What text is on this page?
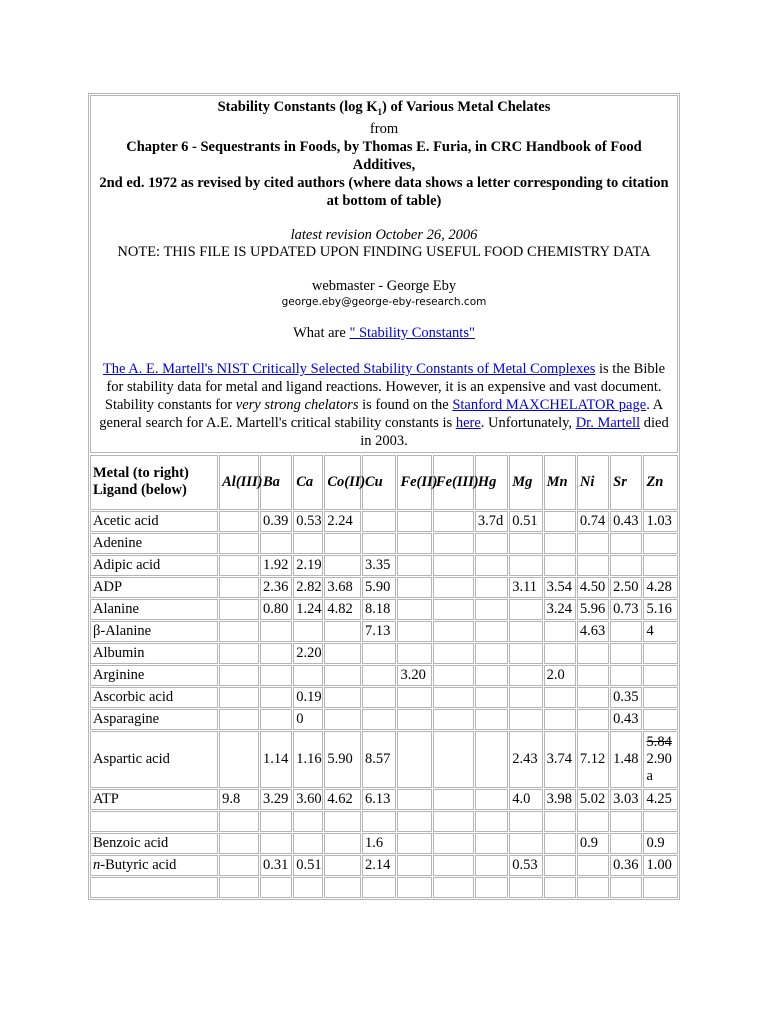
Stability Constants (log $K_1$) of Various Metal Chelates
from
Chapter 6 - Sequestrants in Foods, by Thomas E. Furia, in CRC Handbook of Food Additives,
2nd ed. 1972 as revised by cited authors (where data shows a letter corresponding to citation at bottom of table)
latest revision October 26, 2006
NOTE: THIS FILE IS UPDATED UPON FINDING USEFUL FOOD CHEMISTRY DATA
webmaster - George Eby
george.eby@george-eby-research.com
What are " Stability Constants"
The A. E. Martell's NIST Critically Selected Stability Constants of Metal Complexes is the Bible for stability data for metal and ligand reactions. However, it is an expensive and vast document. Stability constants for very strong chelators is found on the Stanford MAXCHELATOR page. A general search for A.E. Martell's critical stability constants is here. Unfortunately, Dr. Martell died in 2003.
Metal (to right) Ligand (below)	Al(III)	Ba	Ca	Co(II)	Cu	Fe(II)	Fe(III)	Hg	Mg	Mn	Ni	Sr	Zn
Acetic acid		0.39	0.53	2.24				3.7d	0.51		0.74	0.43	1.03
Adenine													
Adipic acid		1.92	2.19		3.35								
ADP		2.36	2.82	3.68	5.90				3.11	3.54	4.50	2.50	4.28
Alanine		0.80	1.24	4.82	8.18					3.24	5.96	0.73	5.16
β-Alanine					7.13						4.63		4
Albumin			2.20										
Arginine						3.20				2.0			
Ascorbic acid			0.19									0.35	
Asparagine			0									0.43	
Aspartic acid		1.14	1.16	5.90	8.57				2.43	3.74	7.12	1.48	5.84
2.90
a

ATP	9.8	3.29	3.60	4.62	6.13				4.0	3.98	5.02	3.03	4.25

Benzoic acid					1.6						0.9		0.9
n-Butyric acid		0.31	0.51		2.14				0.53			0.36	1.00
